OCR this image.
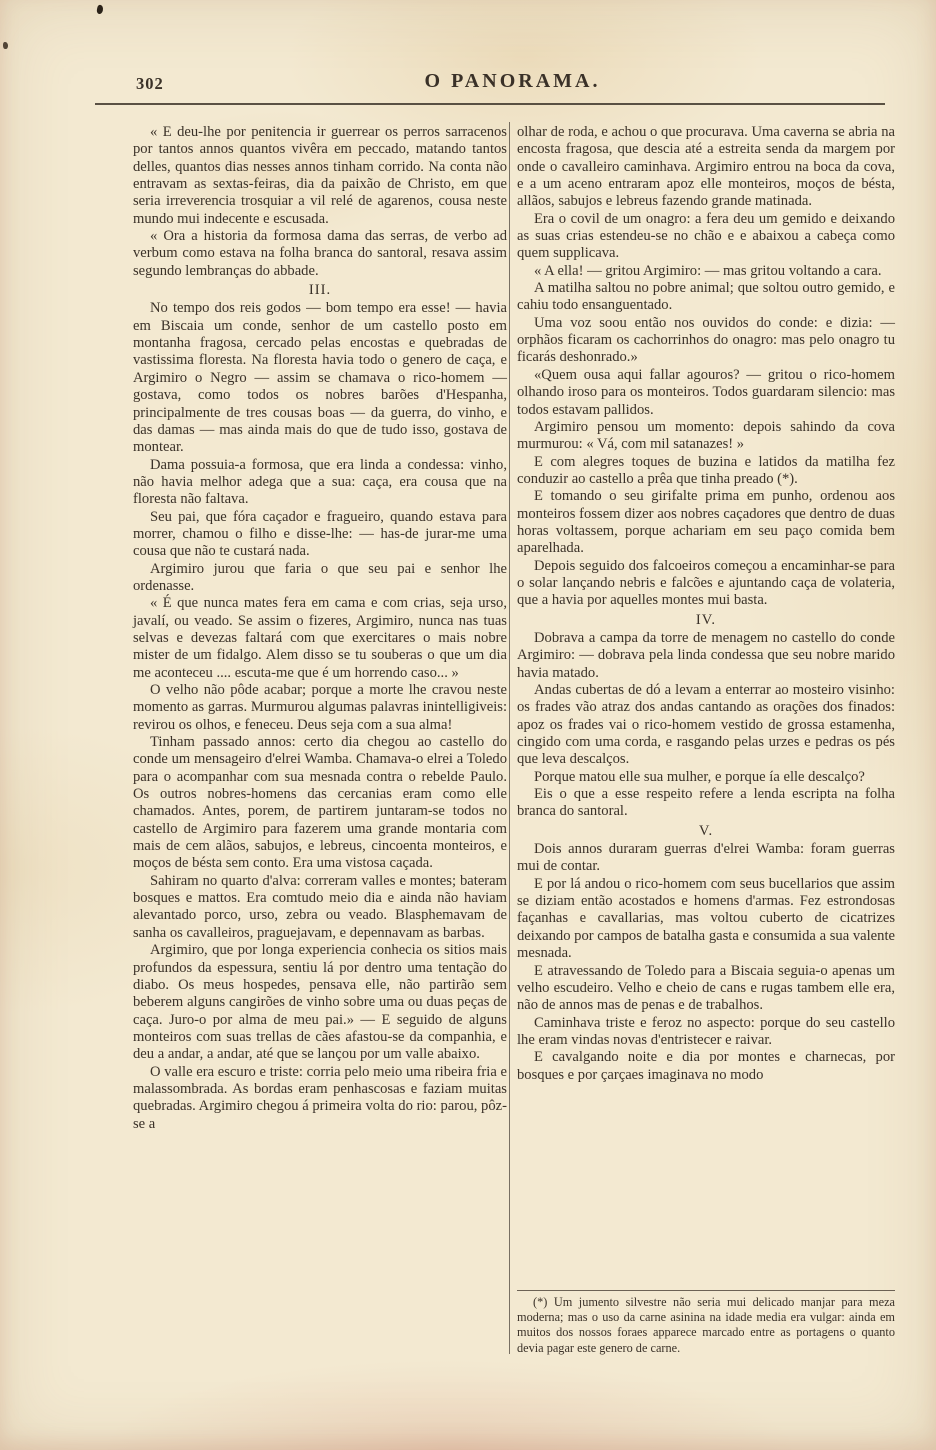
302	O PANORAMA.

« E deu-lhe por penitencia ir guerrear os perros sarracenos por tantos annos quantos vivêra em peccado, matando tantos delles, quantos dias nesses annos tinham corrido. Na conta não entravam as sextas-feiras, dia da paixão de Christo, em que seria irreverencia trosquiar a vil relé de agarenos, cousa neste mundo mui indecente e escusada.

« Ora a historia da formosa dama das serras, de verbo ad verbum como estava na folha branca do santoral, resava assim segundo lembranças do abbade.

III.

No tempo dos reis godos — bom tempo era esse! — havia em Biscaia um conde, senhor de um castello posto em montanha fragosa, cercado pelas encostas e quebradas de vastissima floresta. Na floresta havia todo o genero de caça, e Argimiro o Negro — assim se chamava o rico-homem — gostava, como todos os nobres barões d'Hespanha, principalmente de tres cousas boas — da guerra, do vinho, e das damas — mas ainda mais do que de tudo isso, gostava de montear.

Dama possuia-a formosa, que era linda a condessa: vinho, não havia melhor adega que a sua: caça, era cousa que na floresta não faltava.

Seu pai, que fóra caçador e fragueiro, quando estava para morrer, chamou o filho e disse-lhe: — has-de jurar-me uma cousa que não te custará nada.

Argimiro jurou que faria o que seu pai e senhor lhe ordenasse.

« É que nunca mates fera em cama e com crias, seja urso, javalí, ou veado. Se assim o fizeres, Argimiro, nunca nas tuas selvas e devezas faltará com que exercitares o mais nobre mister de um fidalgo. Alem disso se tu souberas o que um dia me aconteceu .... escuta-me que é um horrendo caso... »

O velho não pôde acabar; porque a morte lhe cravou neste momento as garras. Murmurou algumas palavras inintelligiveis: revirou os olhos, e feneceu. Deus seja com a sua alma!

Tinham passado annos: certo dia chegou ao castello do conde um mensageiro d'elrei Wamba. Chamava-o elrei a Toledo para o acompanhar com sua mesnada contra o rebelde Paulo. Os outros nobres-homens das cercanias eram como elle chamados. Antes, porem, de partirem juntaram-se todos no castello de Argimiro para fazerem uma grande montaria com mais de cem alãos, sabujos, e lebreus, cincoenta monteiros, e moços de bésta sem conto. Era uma vistosa caçada.

Sahiram no quarto d'alva: correram valles e montes; bateram bosques e mattos. Era comtudo meio dia e ainda não haviam alevantado porco, urso, zebra ou veado. Blasphemavam de sanha os cavalleiros, praguejavam, e depennavam as barbas.

Argimiro, que por longa experiencia conhecia os sitios mais profundos da espessura, sentiu lá por dentro uma tentação do diabo. Os meus hospedes, pensava elle, não partirão sem beberem alguns cangirões de vinho sobre uma ou duas peças de caça. Juro-o por alma de meu pai.» — E seguido de alguns monteiros com suas trellas de cães afastou-se da companhia, e deu a andar, a andar, até que se lançou por um valle abaixo.

O valle era escuro e triste: corria pelo meio uma ribeira fria e malassombrada. As bordas eram penhascosas e faziam muitas quebradas. Argimiro chegou á primeira volta do rio: parou, pôz-se a

olhar de roda, e achou o que procurava. Uma caverna se abria na encosta fragosa, que descia até a estreita senda da margem por onde o cavalleiro caminhava. Argimiro entrou na boca da cova, e a um aceno entraram apoz elle monteiros, moços de bésta, allãos, sabujos e lebreus fazendo grande matinada.

Era o covil de um onagro: a fera deu um gemido e deixando as suas crias estendeu-se no chão e e abaixou a cabeça como quem supplicava.

« A ella! — gritou Argimiro: — mas gritou voltando a cara.

A matilha saltou no pobre animal; que soltou outro gemido, e cahiu todo ensanguentado.

Uma voz soou então nos ouvidos do conde: e dizia: — orphãos ficaram os cachorrinhos do onagro: mas pelo onagro tu ficarás deshonrado.»

«Quem ousa aqui fallar agouros? — gritou o rico-homem olhando iroso para os monteiros. Todos guardaram silencio: mas todos estavam pallidos.

Argimiro pensou um momento: depois sahindo da cova murmurou: « Vá, com mil satanazes! »

E com alegres toques de buzina e latidos da matilha fez conduzir ao castello a prêa que tinha preado (*).

E tomando o seu girifalte prima em punho, ordenou aos monteiros fossem dizer aos nobres caçadores que dentro de duas horas voltassem, porque achariam em seu paço comida bem aparelhada.

Depois seguido dos falcoeiros começou a encaminhar-se para o solar lançando nebris e falcões e ajuntando caça de volateria, que a havia por aquelles montes mui basta.

IV.

Dobrava a campa da torre de menagem no castello do conde Argimiro: — dobrava pela linda condessa que seu nobre marido havia matado.

Andas cubertas de dó a levam a enterrar ao mosteiro visinho: os frades vão atraz dos andas cantando as orações dos finados: apoz os frades vai o rico-homem vestido de grossa estamenha, cingido com uma corda, e rasgando pelas urzes e pedras os pés que leva descalços.

Porque matou elle sua mulher, e porque ía elle descalço?

Eis o que a esse respeito refere a lenda escripta na folha branca do santoral.

V.

Dois annos duraram guerras d'elrei Wamba: foram guerras mui de contar.

E por lá andou o rico-homem com seus bucellarios que assim se diziam então acostados e homens d'armas. Fez estrondosas façanhas e cavallarias, mas voltou cuberto de cicatrizes deixando por campos de batalha gasta e consumida a sua valente mesnada.

E atravessando de Toledo para a Biscaia seguia-o apenas um velho escudeiro. Velho e cheio de cans e rugas tambem elle era, não de annos mas de penas e de trabalhos.

Caminhava triste e feroz no aspecto: porque do seu castello lhe eram vindas novas d'entristecer e raivar.

E cavalgando noite e dia por montes e charnecas, por bosques e por çarçaes imaginava no modo

(*) Um jumento silvestre não seria mui delicado manjar para meza moderna; mas o uso da carne asinina na idade media era vulgar: ainda em muitos dos nossos foraes apparece marcado entre as portagens o quanto devia pagar este genero de carne.
